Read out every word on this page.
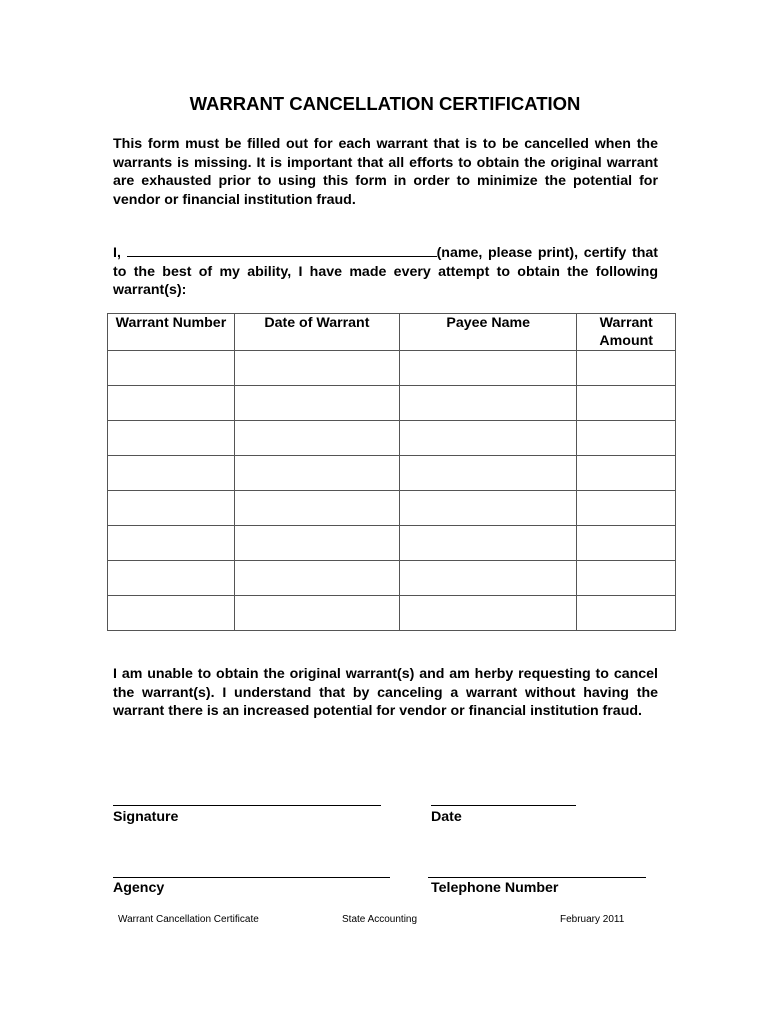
WARRANT CANCELLATION CERTIFICATION
This form must be filled out for each warrant that is to be cancelled when the warrants is missing. It is important that all efforts to obtain the original warrant are exhausted prior to using this form in order to minimize the potential for vendor or financial institution fraud.
I,	(name, please print), certify that to the best of my ability, I have made every attempt to obtain the following warrant(s):
Warrant Number	Date of Warrant	Payee Name	Warrant Amount

I am unable to obtain the original warrant(s) and am herby requesting to cancel the warrant(s). I understand that by canceling a warrant without having the warrant there is an increased potential for vendor or financial institution fraud.
Signature	Date
Agency	Telephone Number
Warrant Cancellation Certificate	State Accounting	February 2011
